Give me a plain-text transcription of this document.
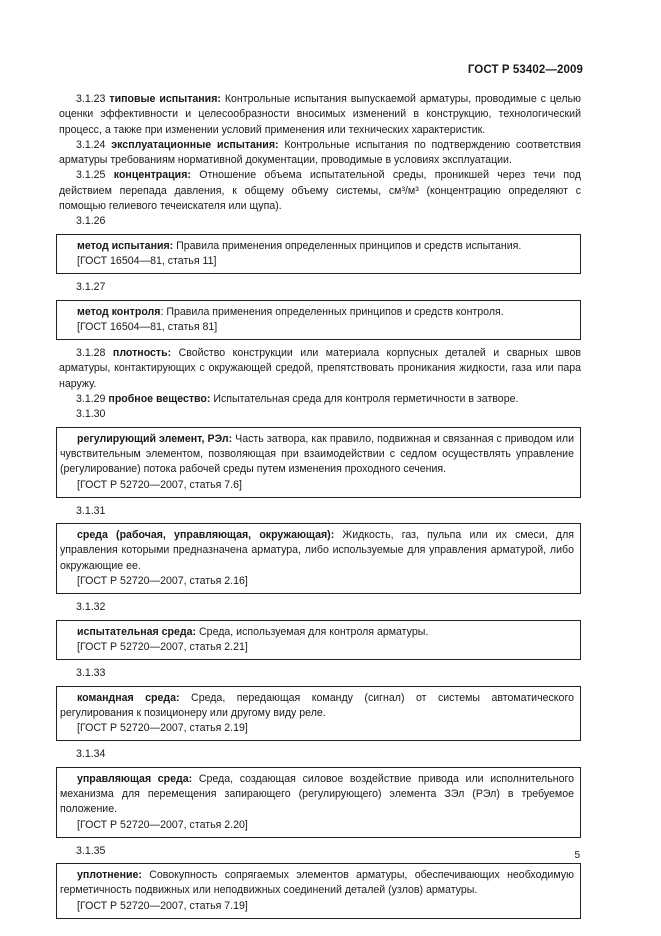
ГОСТ Р 53402—2009

3.1.23 типовые испытания: Контрольные испытания выпускаемой арматуры, проводимые с целью оценки эффективности и целесообразности вносимых изменений в конструкцию, технологический процесс, а также при изменении условий применения или технических характеристик.

3.1.24 эксплуатационные испытания: Контрольные испытания по подтверждению соответствия арматуры требованиям нормативной документации, проводимые в условиях эксплуатации.

3.1.25 концентрация: Отношение объема испытательной среды, проникшей через течи под действием перепада давления, к общему объему системы, см³/м³ (концентрацию определяют с помощью гелиевого течеискателя или щупа).

3.1.26

метод испытания: Правила применения определенных принципов и средств испытания.

[ГОСТ 16504—81, статья 11]

3.1.27

метод контроля: Правила применения определенных принципов и средств контроля.

[ГОСТ 16504—81, статья 81]

3.1.28 плотность: Свойство конструкции или материала корпусных деталей и сварных швов арматуры, контактирующих с окружающей средой, препятствовать проникания жидкости, газа или пара наружу.

3.1.29 пробное вещество: Испытательная среда для контроля герметичности в затворе.

3.1.30

регулирующий элемент, РЭл: Часть затвора, как правило, подвижная и связанная с приводом или чувствительным элементом, позволяющая при взаимодействии с седлом осуществлять управление (регулирование) потока рабочей среды путем изменения проходного сечения.

[ГОСТ Р 52720—2007, статья 7.6]

3.1.31

среда (рабочая, управляющая, окружающая): Жидкость, газ, пульпа или их смеси, для управления которыми предназначена арматура, либо используемые для управления арматурой, либо окружающие ее.

[ГОСТ Р 52720—2007, статья 2.16]

3.1.32

испытательная среда: Среда, используемая для контроля арматуры.

[ГОСТ Р 52720—2007, статья 2.21]

3.1.33

командная среда: Среда, передающая команду (сигнал) от системы автоматического регулирования к позиционеру или другому виду реле.

[ГОСТ Р 52720—2007, статья 2.19]

3.1.34

управляющая среда: Среда, создающая силовое воздействие привода или исполнительного механизма для перемещения запирающего (регулирующего) элемента ЗЭл (РЭл) в требуемое положение.

[ГОСТ Р 52720—2007, статья 2.20]

3.1.35

уплотнение: Совокупность сопрягаемых элементов арматуры, обеспечивающих необходимую герметичность подвижных или неподвижных соединений деталей (узлов) арматуры.

[ГОСТ Р 52720—2007, статья 7.19]

5
